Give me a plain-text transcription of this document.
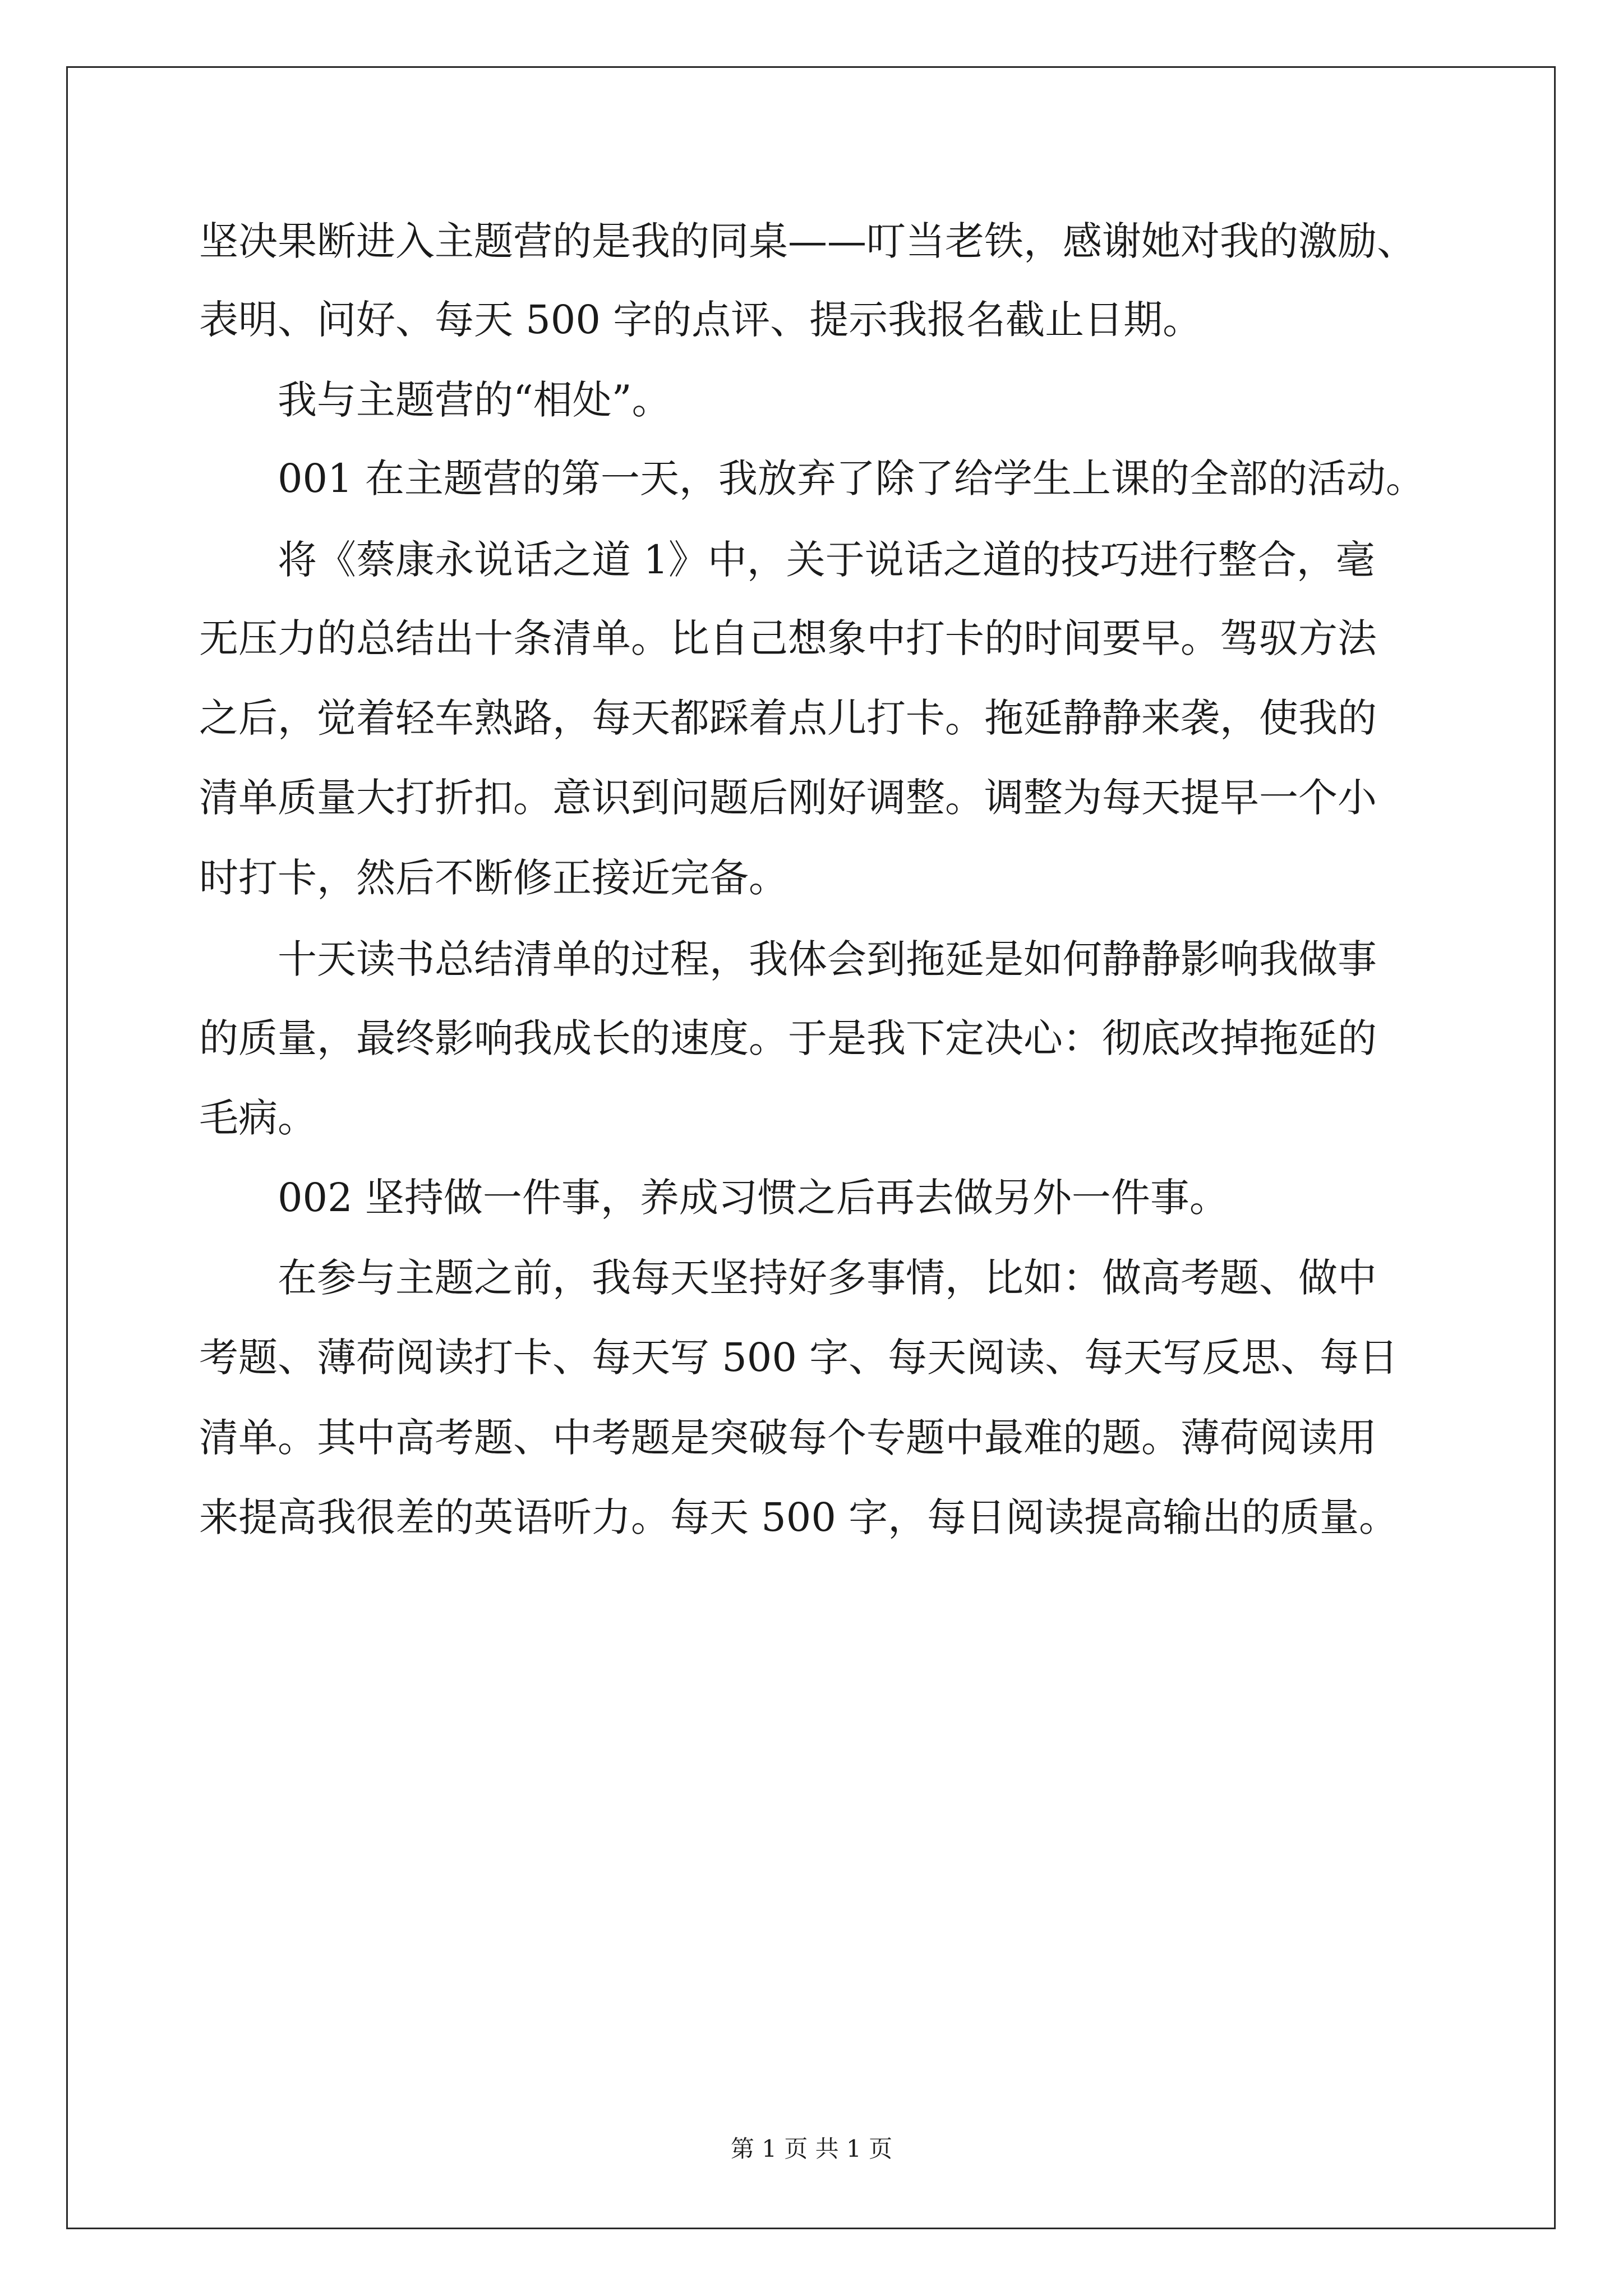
坚决果断进入主题营的是我的同桌——叮当老铁，感谢她对我的激励、
表明、问好、每天 500 字的点评、提示我报名截止日期。
我与主题营的“相处”。
001 在主题营的第一天，我放弃了除了给学生上课的全部的活动。
将《蔡康永说话之道 1》中，关于说话之道的技巧进行整合，毫
无压力的总结出十条清单。比自己想象中打卡的时间要早。驾驭方法
之后，觉着轻车熟路，每天都踩着点儿打卡。拖延静静来袭，使我的
清单质量大打折扣。意识到问题后刚好调整。调整为每天提早一个小
时打卡，然后不断修正接近完备。
十天读书总结清单的过程，我体会到拖延是如何静静影响我做事
的质量，最终影响我成长的速度。于是我下定决心：彻底改掉拖延的
毛病。
002 坚持做一件事，养成习惯之后再去做另外一件事。
在参与主题之前，我每天坚持好多事情，比如：做高考题、做中
考题、薄荷阅读打卡、每天写 500 字、每天阅读、每天写反思、每日
清单。其中高考题、中考题是突破每个专题中最难的题。薄荷阅读用
来提高我很差的英语听力。每天 500 字，每日阅读提高输出的质量。
第 1 页 共 1 页
